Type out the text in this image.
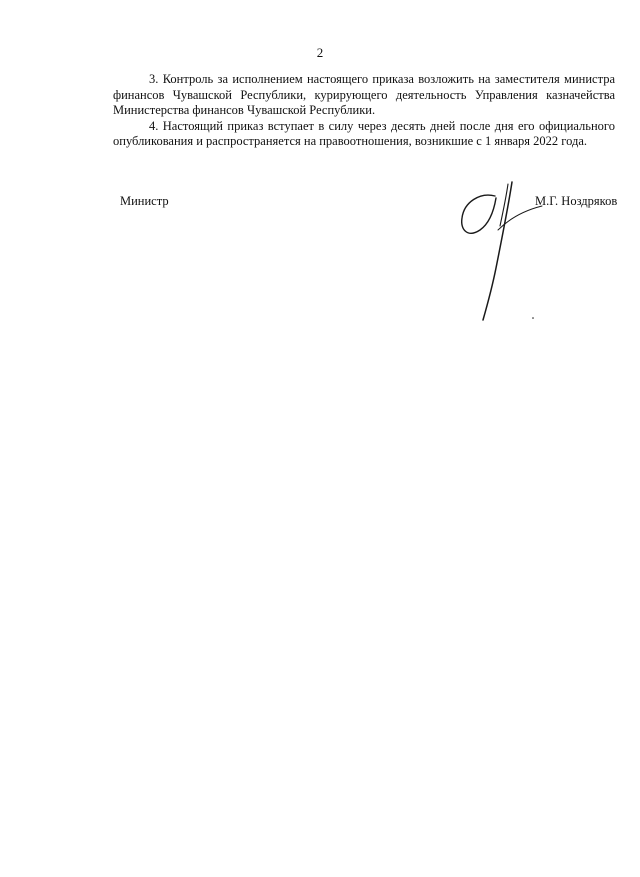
2

3. Контроль за исполнением настоящего приказа возложить на заместителя министра финансов Чувашской Республики, курирующего деятельность Управления казначейства Министерства финансов Чувашской Республики.

4. Настоящий приказ вступает в силу через десять дней после дня его официального опубликования и распространяется на правоотношения, возникшие с 1 января 2022 года.

Министр	М.Г. Ноздряков
